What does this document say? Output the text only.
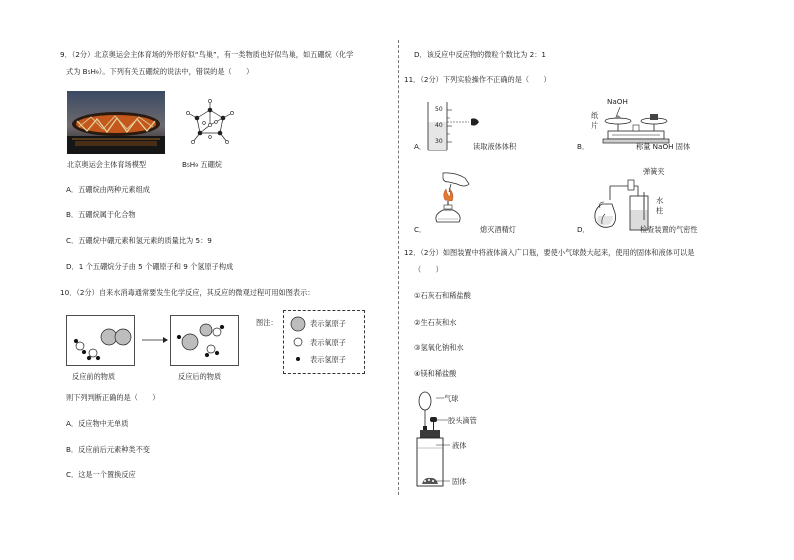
9．（2分）北京奥运会主体育场的外形好似“鸟巢”，有一类物质也好似鸟巢，如五硼烷（化学
式为 B₅H₉）。下列有关五硼烷的说法中，错误的是（　　）
北京奥运会主体育场模型	B₅H₉ 五硼烷
A．五硼烷由两种元素组成
B．五硼烷属于化合物
C．五硼烷中硼元素和氢元素的质量比为 5：9
D．1 个五硼烷分子由 5 个硼原子和 9 个氢原子构成
10．（2分）自来水消毒通常要发生化学反应，其反应的微观过程可用如图表示：
反应前的物质	反应后的物质
图注：	表示氯原子
表示氧原子
表示氢原子
则下列判断正确的是（　　）
A．反应物中无单质
B．反应前后元素种类不变
C．这是一个置换反应
D．该反应中反应物的微粒个数比为 2：1
11．（2分）下列实验操作不正确的是（　　）
A．
50
40
30
读取液体体积	B．
NaOH
纸
片
称量 NaOH 固体
C．	熄灭酒精灯	D．
弹簧夹
水
柱
检查装置的气密性
12．（2分）如图装置中将液体滴入广口瓶，要使小气球鼓大起来，使用的固体和液体可以是
（　　）
①石灰石和稀盐酸
②生石灰和水
③氢氧化钠和水
④镁和稀盐酸
气球
胶头滴管
液体
固体
